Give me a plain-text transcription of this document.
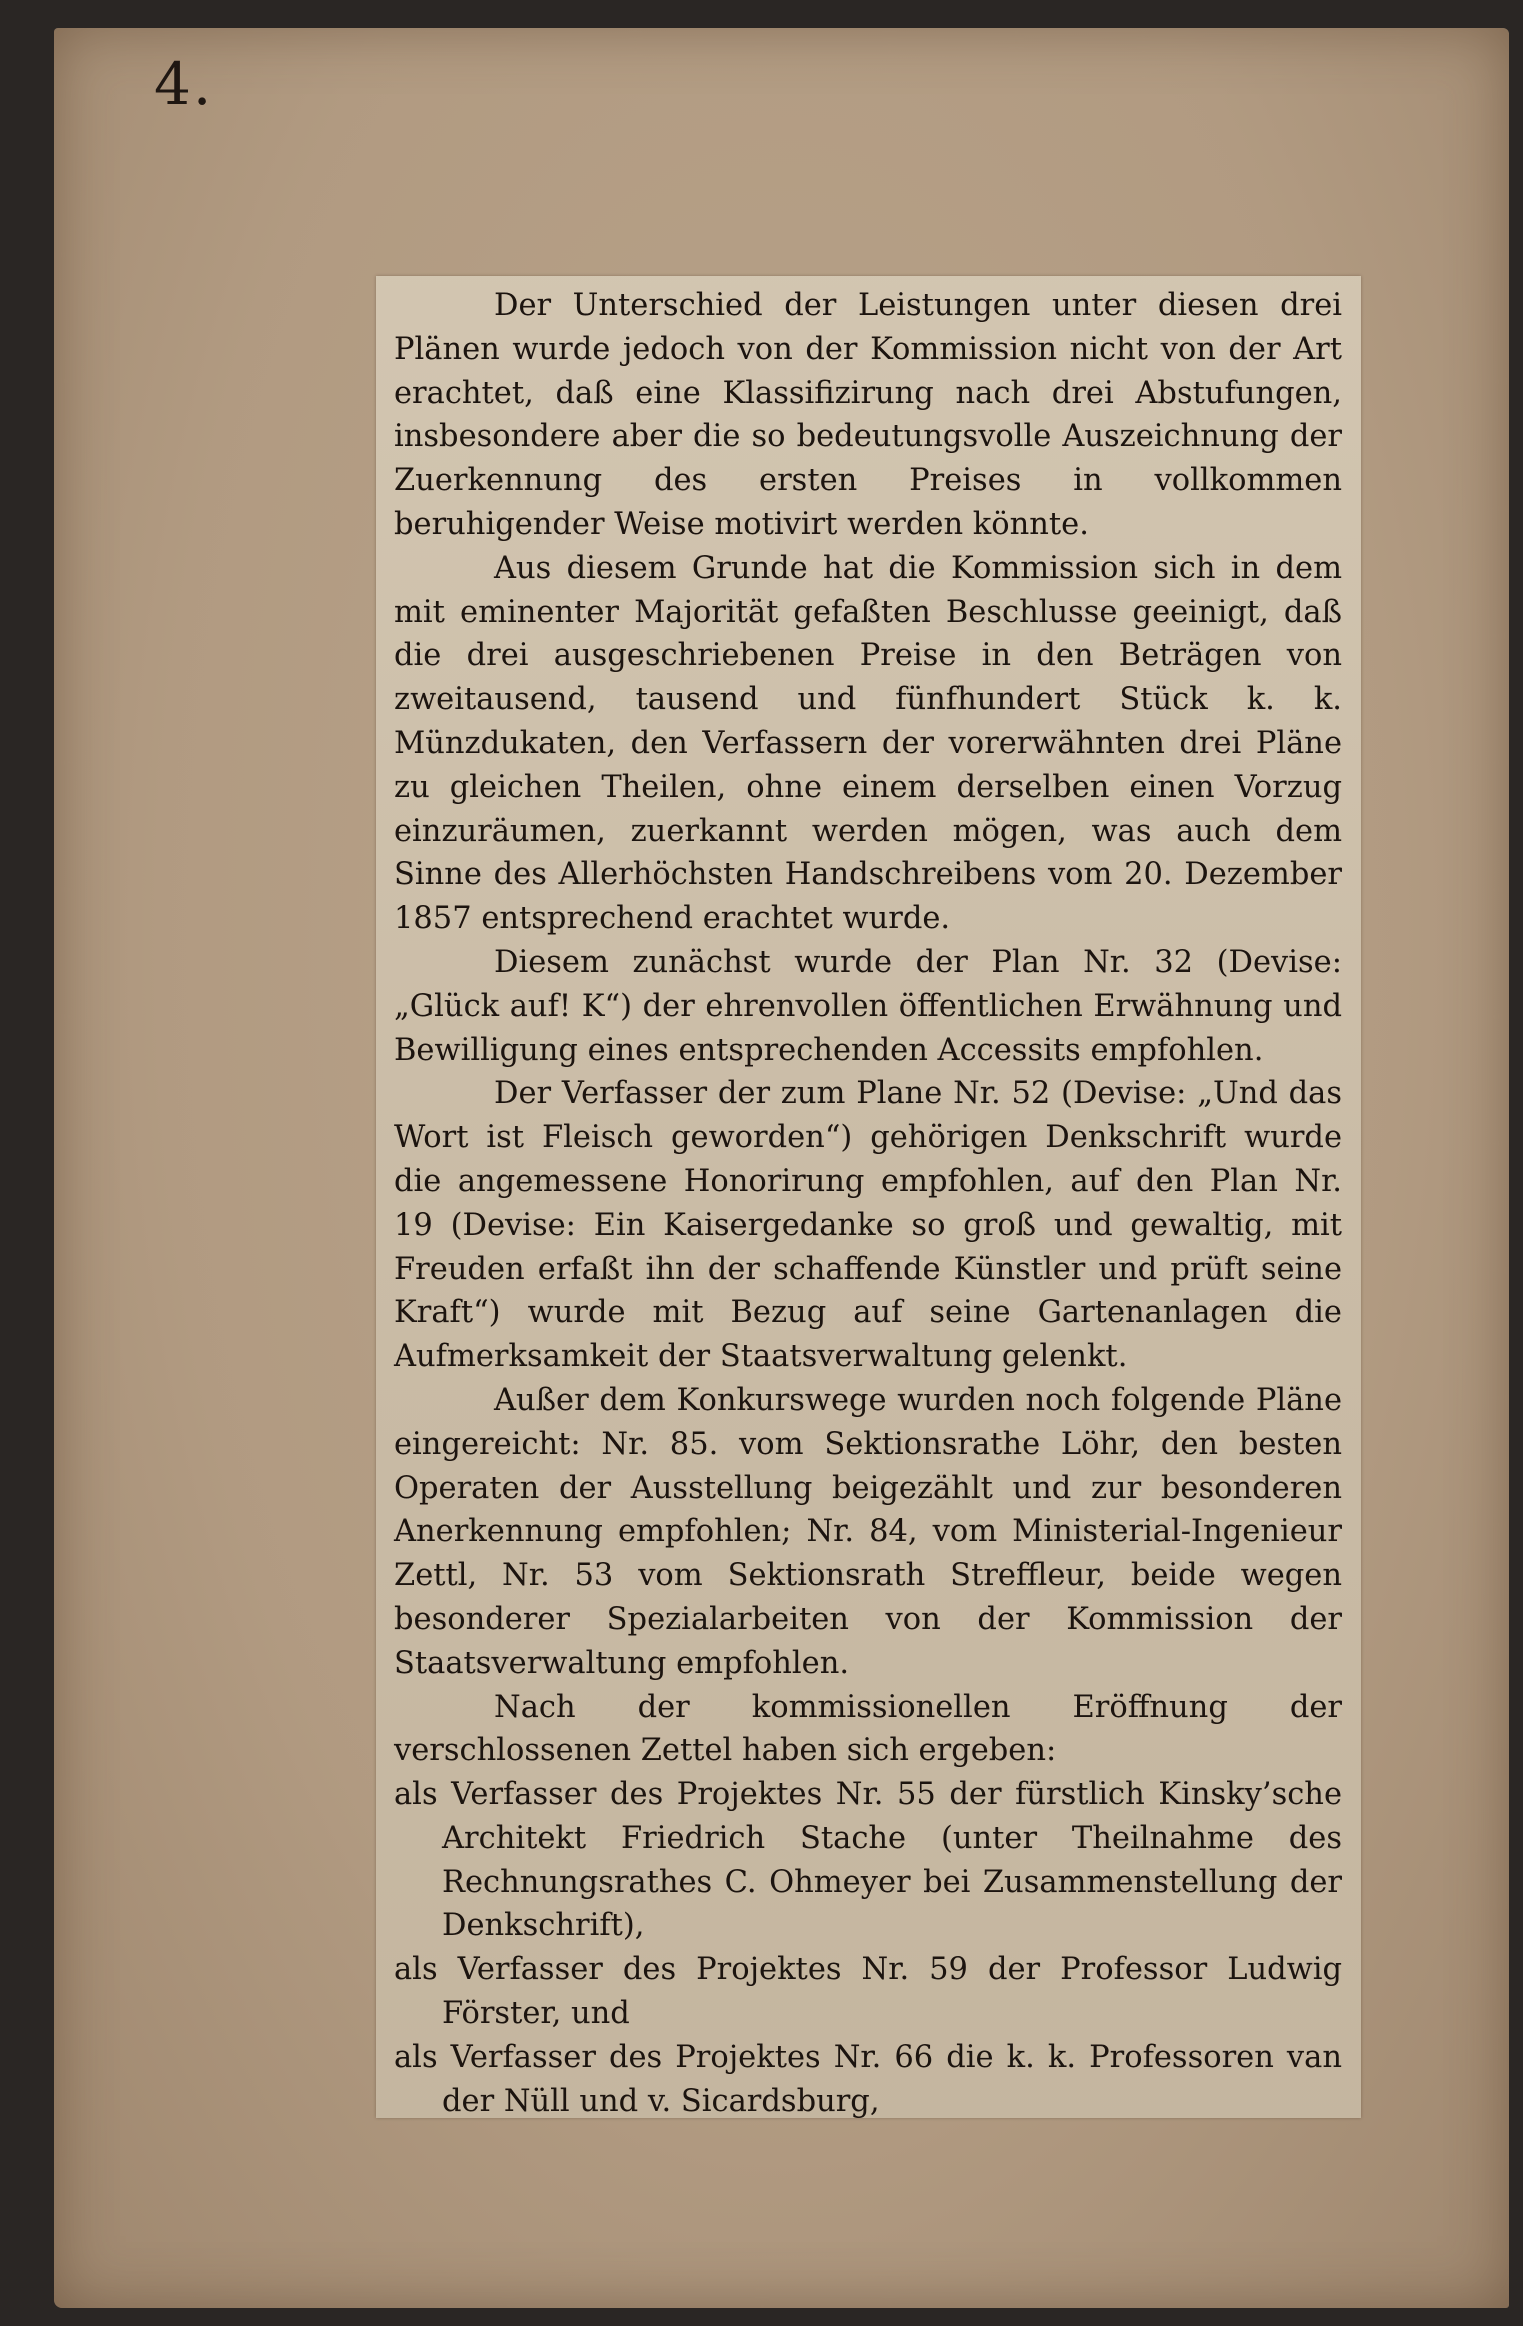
4.

Der Unterschied der Leistungen unter diesen drei Plänen wurde jedoch von der Kommission nicht von der Art erachtet, daß eine Klassifizirung nach drei Abstufungen, insbesondere aber die so bedeutungsvolle Auszeichnung der Zuerkennung des ersten Preises in vollkommen beruhigender Weise motivirt werden könnte.

Aus diesem Grunde hat die Kommission sich in dem mit eminenter Majorität gefaßten Beschlusse geeinigt, daß die drei ausgeschriebenen Preise in den Beträgen von zweitausend, tausend und fünfhundert Stück k. k. Münzdukaten, den Verfassern der vorerwähnten drei Pläne zu gleichen Theilen, ohne einem derselben einen Vorzug einzuräumen, zuerkannt werden mögen, was auch dem Sinne des Allerhöchsten Handschreibens vom 20. Dezember 1857 entsprechend erachtet wurde.

Diesem zunächst wurde der Plan Nr. 32 (Devise: „Glück auf! K“) der ehrenvollen öffentlichen Erwähnung und Bewilligung eines entsprechenden Accessits empfohlen.

Der Verfasser der zum Plane Nr. 52 (Devise: „Und das Wort ist Fleisch geworden“) gehörigen Denkschrift wurde die angemessene Honorirung empfohlen, auf den Plan Nr. 19 (Devise: Ein Kaisergedanke so groß und gewaltig, mit Freuden erfaßt ihn der schaffende Künstler und prüft seine Kraft“) wurde mit Bezug auf seine Gartenanlagen die Aufmerksamkeit der Staatsverwaltung gelenkt.

Außer dem Konkurswege wurden noch folgende Pläne eingereicht: Nr. 85. vom Sektionsrathe Löhr, den besten Operaten der Ausstellung beigezählt und zur besonderen Anerkennung empfohlen; Nr. 84, vom Ministerial-Ingenieur Zettl, Nr. 53 vom Sektionsrath Streffleur, beide wegen besonderer Spezialarbeiten von der Kommission der Staatsverwaltung empfohlen.

Nach der kommissionellen Eröffnung der verschlossenen Zettel haben sich ergeben:

als Verfasser des Projektes Nr. 55 der fürstlich Kinsky’sche Architekt Friedrich Stache (unter Theilnahme des Rechnungsrathes C. Ohmeyer bei Zusammenstellung der Denkschrift),
als Verfasser des Projektes Nr. 59 der Professor Ludwig Förster, und
als Verfasser des Projektes Nr. 66 die k. k. Professoren van der Nüll und v. Sicardsburg,
